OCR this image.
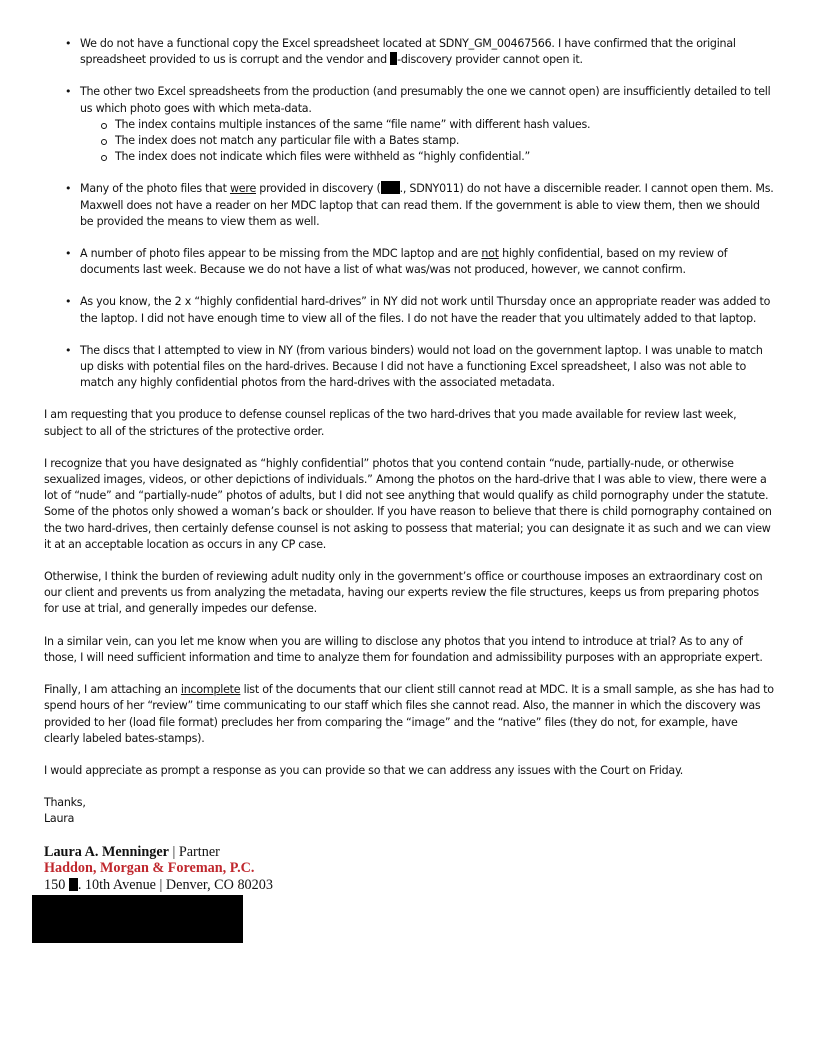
• We do not have a functional copy the Excel spreadsheet located at SDNY_GM_00467566. I have confirmed that the original spreadsheet provided to us is corrupt and the vendor and -discovery provider cannot open it.
• The other two Excel spreadsheets from the production (and presumably the one we cannot open) are insufficiently detailed to tell us which photo goes with which meta-data.
The index contains multiple instances of the same “file name” with different hash values.
The index does not match any particular file with a Bates stamp.
The index does not indicate which files were withheld as “highly confidential.”
• Many of the photo files that were provided in discovery ( ., SDNY011) do not have a discernible reader. I cannot open them. Ms. Maxwell does not have a reader on her MDC laptop that can read them. If the government is able to view them, then we should be provided the means to view them as well.
• A number of photo files appear to be missing from the MDC laptop and are not highly confidential, based on my review of documents last week. Because we do not have a list of what was/was not produced, however, we cannot confirm.
• As you know, the 2 x “highly confidential hard-drives” in NY did not work until Thursday once an appropriate reader was added to the laptop. I did not have enough time to view all of the files. I do not have the reader that you ultimately added to that laptop.
• The discs that I attempted to view in NY (from various binders) would not load on the government laptop. I was unable to match up disks with potential files on the hard-drives. Because I did not have a functioning Excel spreadsheet, I also was not able to match any highly confidential photos from the hard-drives with the associated metadata.

I am requesting that you produce to defense counsel replicas of the two hard-drives that you made available for review last week, subject to all of the strictures of the protective order.

I recognize that you have designated as “highly confidential” photos that you contend contain “nude, partially-nude, or otherwise sexualized images, videos, or other depictions of individuals.” Among the photos on the hard-drive that I was able to view, there were a lot of “nude” and “partially-nude” photos of adults, but I did not see anything that would qualify as child pornography under the statute. Some of the photos only showed a woman’s back or shoulder. If you have reason to believe that there is child pornography contained on the two hard-drives, then certainly defense counsel is not asking to possess that material; you can designate it as such and we can view it at an acceptable location as occurs in any CP case.

Otherwise, I think the burden of reviewing adult nudity only in the government’s office or courthouse imposes an extraordinary cost on our client and prevents us from analyzing the metadata, having our experts review the file structures, keeps us from preparing photos for use at trial, and generally impedes our defense.

In a similar vein, can you let me know when you are willing to disclose any photos that you intend to introduce at trial? As to any of those, I will need sufficient information and time to analyze them for foundation and admissibility purposes with an appropriate expert.

Finally, I am attaching an incomplete list of the documents that our client still cannot read at MDC. It is a small sample, as she has had to spend hours of her “review” time communicating to our staff which files she cannot read. Also, the manner in which the discovery was provided to her (load file format) precludes her from comparing the “image” and the “native” files (they do not, for example, have clearly labeled bates-stamps).

I would appreciate as prompt a response as you can provide so that we can address any issues with the Court on Friday.

Thanks,

Laura

Laura A. Menninger | Partner
Haddon, Morgan & Foreman, P.C.
150 . 10th Avenue | Denver, CO 80203
